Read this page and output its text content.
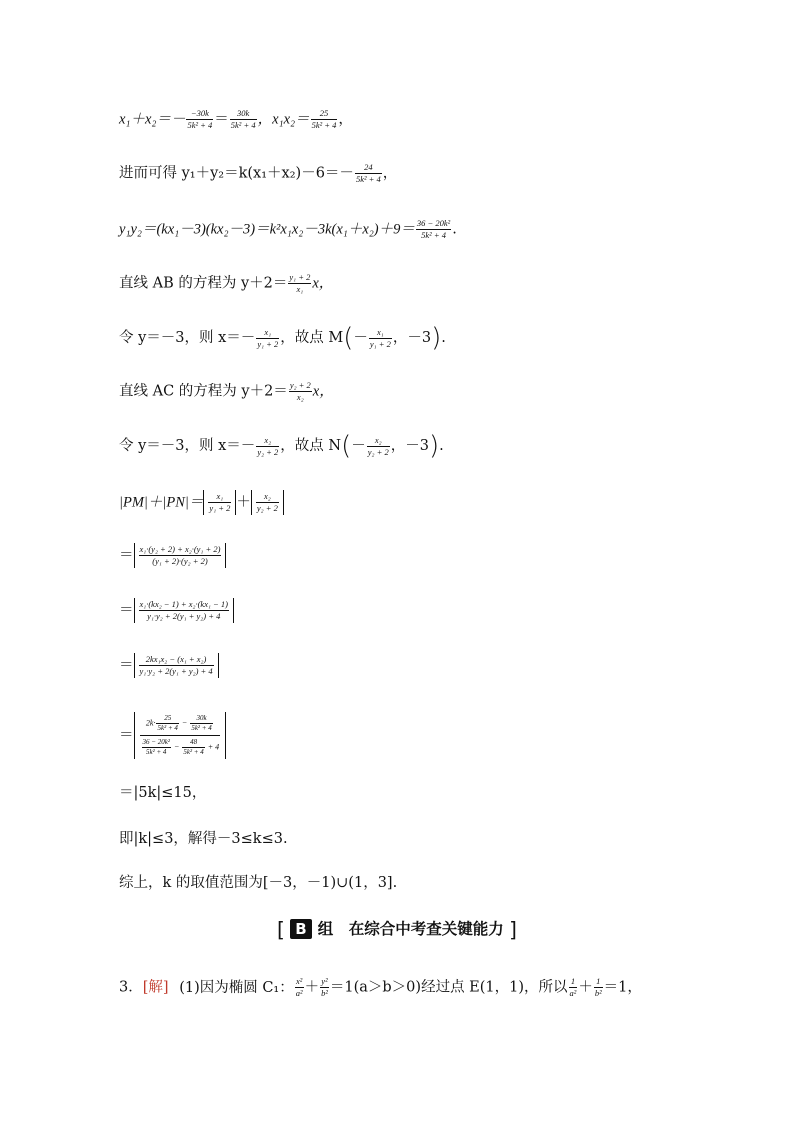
$x_1+x_2=- \frac{-30k}{\text{5k² + 4}} = \frac{30k}{\text{5k² + 4}}$ ，$x_1x_2= \frac{25}{\text{5k² + 4}}$ ，
进而可得 $y_1+y_2=k(x_1+x_2)-6=- \frac{24}{\text{5k² + 4}}$ ，
$y_1y_2=(kx_1-3)(kx_2-3)=k^2x_1x_2-3k(x_1+x_2)+9= \frac{\text{36 − 20k²}}{\text{5k² + 4}}$ .
直线 AB 的方程为 $y+2= \frac{\text{y₁ + 2}}{\text{x₁}}$ x，
令 y＝－3，则 $x=- \frac{\text{x₁}}{\text{y₁ + 2}}$ ，故点 $M(- \frac{\text{x₁}}{\text{y₁ + 2}}$ ，－3).
直线 AC 的方程为 $y+2= \frac{\text{y₂ + 2}}{\text{x₂}}$ x，
令 y＝－3，则 $x=- \frac{\text{x₂}}{\text{y₂ + 2}}$ ，故点 $N(- \frac{\text{x₂}}{\text{y₂ + 2}}$ ，－3).
$|PM|+|PN|= \frac{\text{x₁}}{\text{y₁ + 2}} + \frac{\text{x₂}}{\text{y₂ + 2}}$
＝ $\frac{\text{x₁·(y₂ + 2) + x₂·(y₁ + 2)}}{\text{(y₁ + 2)·(y₂ + 2)}}$
＝ $\frac{\text{x₁·(kx₂ − 1) + x₂·(kx₁ − 1)}}{\text{y₁·y₂ + 2(y₁ + y₂) + 4}}$
＝ $\frac{\text{2kx₁x₂ − (x₁ + x₂)}}{\text{y₁·y₂ + 2(y₁ + y₂) + 4}}$
＝ $\frac{2k\cdot \frac{25}{\text{5k² + 4}} - \frac{30k}{\text{5k² + 4}}}{\frac{\text{36 − 20k²}}{\text{5k² + 4}} - \frac{48}{\text{5k² + 4}} + 4}$
＝|5k|≤15，
即|k|≤3，解得－3≤k≤3.
综上，k 的取值范围为[－3，－1)∪(1，3].
[ B 组　在综合中考查关键能力 ]
3．[解] (1)因为椭圆 C₁： $\frac{\text{x²}}{\text{a²}} + \frac{\text{y²}}{\text{b²}} =1(a>b>0)$经过点 E(1，1)，所以 $\frac{1}{\text{a²}} + \frac{1}{\text{b²}} =1$，
